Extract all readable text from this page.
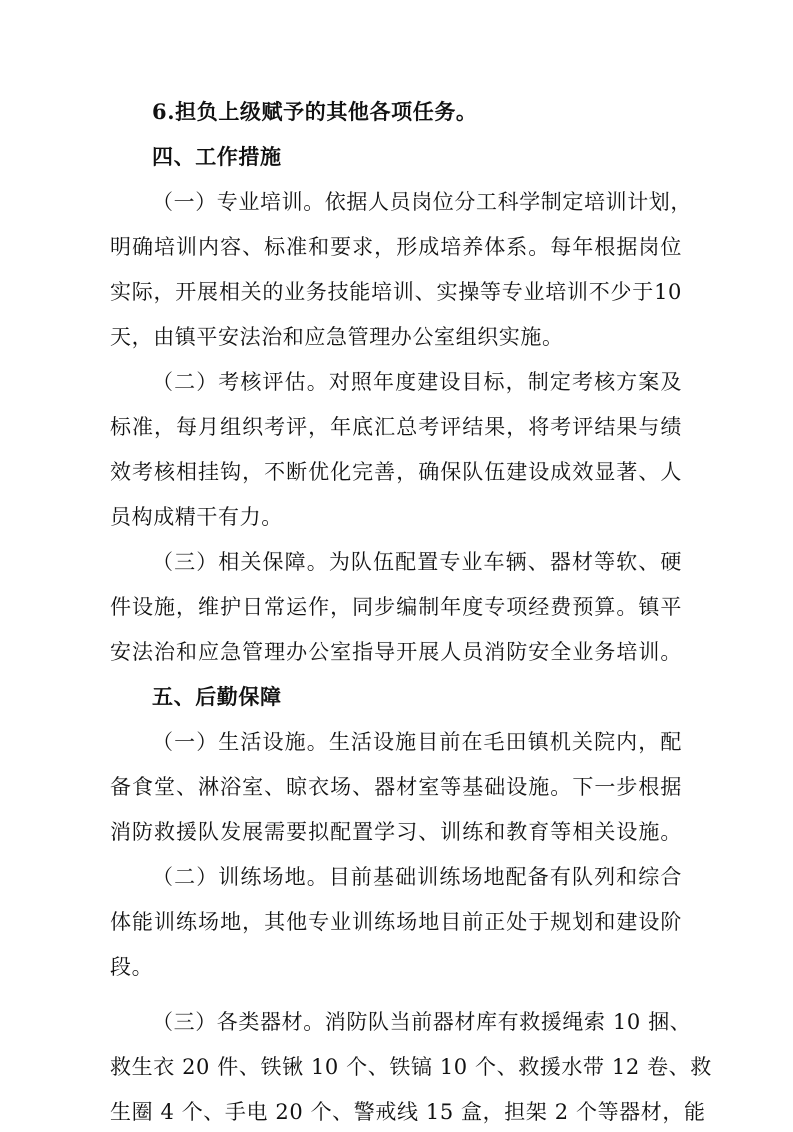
6.担负上级赋予的其他各项任务。
四、工作措施
（一）专业培训。依据人员岗位分工科学制定培训计划，
明确培训内容、标准和要求，形成培养体系。每年根据岗位
实际，开展相关的业务技能培训、实操等专业培训不少于10
天，由镇平安法治和应急管理办公室组织实施。
（二）考核评估。对照年度建设目标，制定考核方案及
标准，每月组织考评，年底汇总考评结果，将考评结果与绩
效考核相挂钩，不断优化完善，确保队伍建设成效显著、人
员构成精干有力。
（三）相关保障。为队伍配置专业车辆、器材等软、硬
件设施，维护日常运作，同步编制年度专项经费预算。镇平
安法治和应急管理办公室指导开展人员消防安全业务培训。
五、后勤保障
（一）生活设施。生活设施目前在毛田镇机关院内，配
备食堂、淋浴室、晾衣场、器材室等基础设施。下一步根据
消防救援队发展需要拟配置学习、训练和教育等相关设施。
（二）训练场地。目前基础训练场地配备有队列和综合
体能训练场地，其他专业训练场地目前正处于规划和建设阶
段。
（三）各类器材。消防队当前器材库有救援绳索 10 捆、
救生衣 20 件、铁锹 10 个、铁镐 10 个、救援水带 12 卷、救
生圈 4 个、手电 20 个、警戒线 15 盒，担架 2 个等器材，能
